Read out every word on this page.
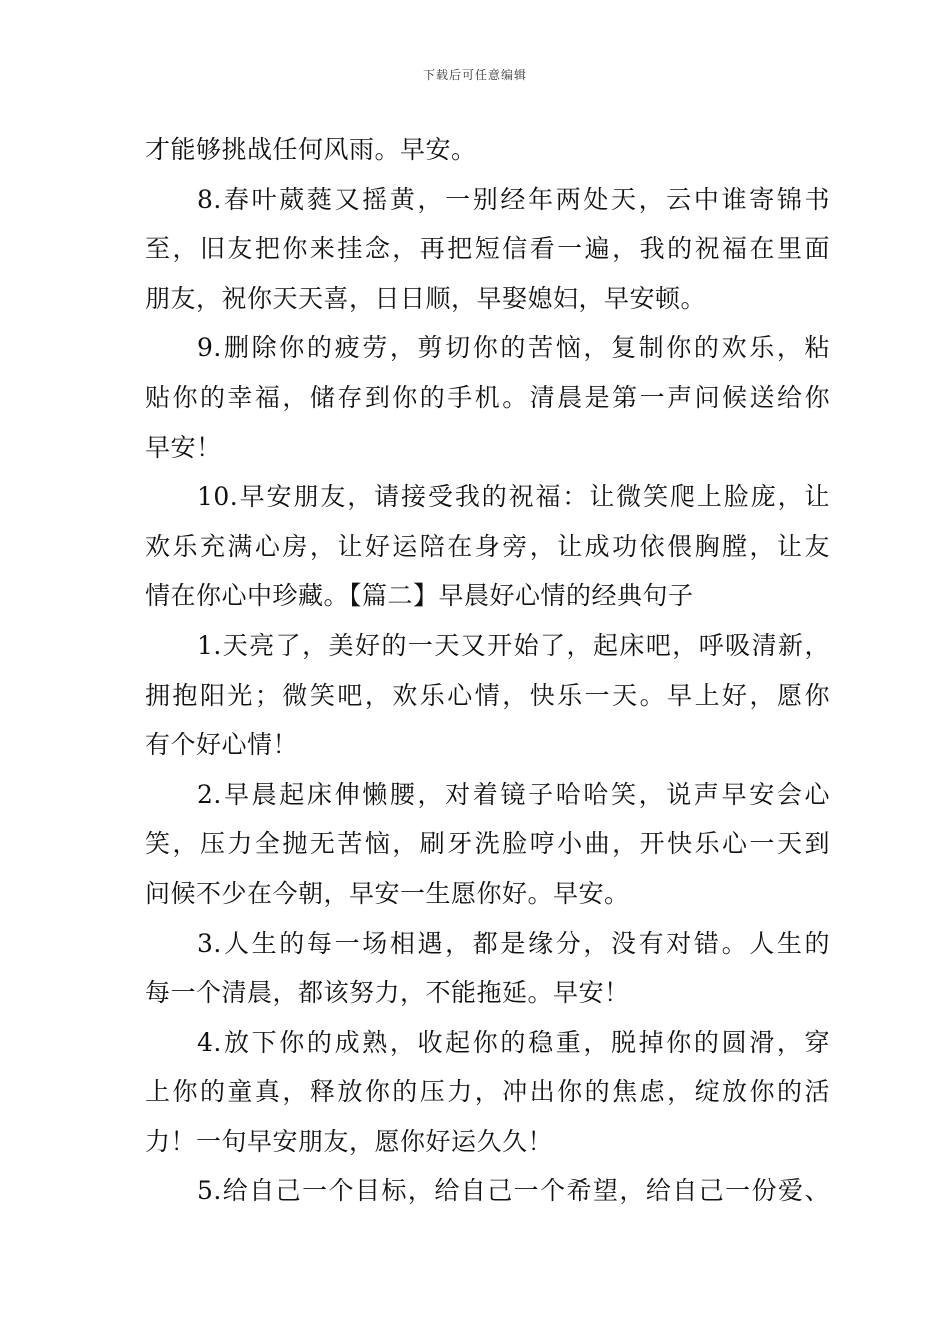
下载后可任意编辑
才能够挑战任何风雨。早安。
8.春叶葳蕤又摇黄，一别经年两处天，云中谁寄锦书
至，旧友把你来挂念，再把短信看一遍，我的祝福在里面
朋友，祝你天天喜，日日顺，早娶媳妇，早安顿。
9.删除你的疲劳，剪切你的苦恼，复制你的欢乐，粘
贴你的幸福，储存到你的手机。清晨是第一声问候送给你
早安！
10.早安朋友，请接受我的祝福：让微笑爬上脸庞，让
欢乐充满心房，让好运陪在身旁，让成功依偎胸膛，让友
情在你心中珍藏。【篇二】早晨好心情的经典句子
1.天亮了，美好的一天又开始了，起床吧，呼吸清新，
拥抱阳光；微笑吧，欢乐心情，快乐一天。早上好，愿你
有个好心情！
2.早晨起床伸懒腰，对着镜子哈哈笑，说声早安会心
笑，压力全抛无苦恼，刷牙洗脸哼小曲，开快乐心一天到
问候不少在今朝，早安一生愿你好。早安。
3.人生的每一场相遇，都是缘分，没有对错。人生的
每一个清晨，都该努力，不能拖延。早安！
4.放下你的成熟，收起你的稳重，脱掉你的圆滑，穿
上你的童真，释放你的压力，冲出你的焦虑，绽放你的活
力！一句早安朋友，愿你好运久久！
5.给自己一个目标，给自己一个希望，给自己一份爱、
